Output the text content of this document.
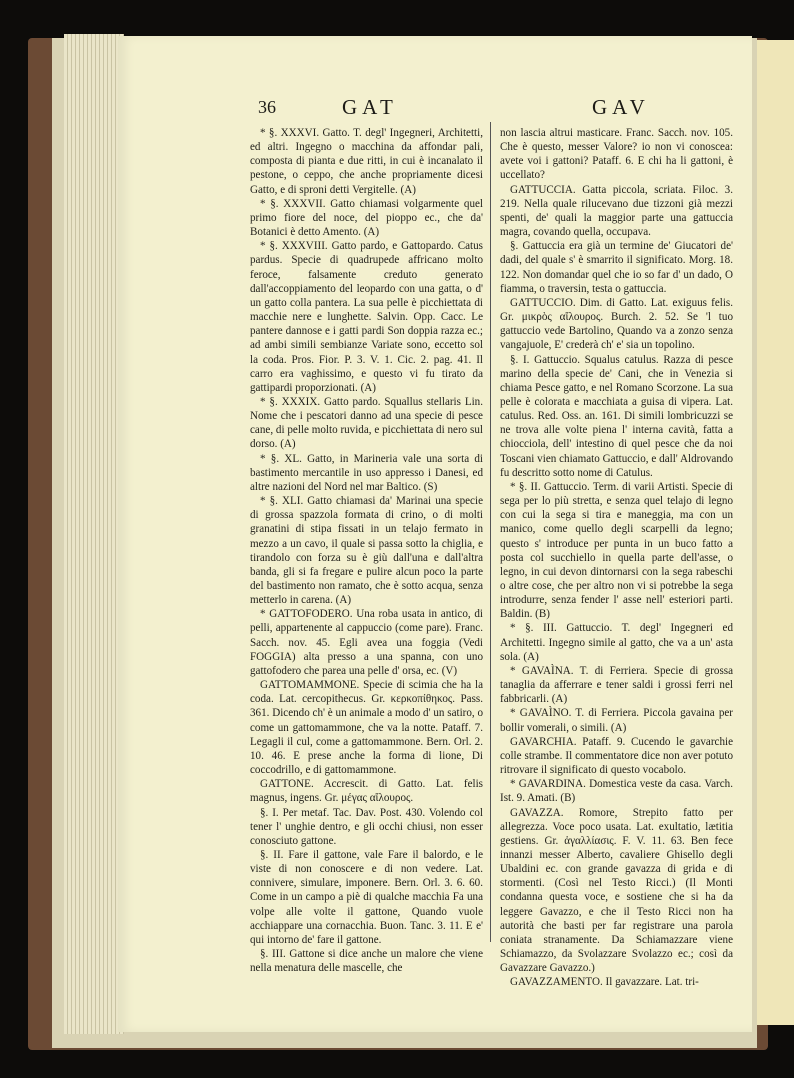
36	GAT	GAV

* §. XXXVI. Gatto. T. degl' Ingegneri, Architetti, ed altri. Ingegno o macchina da affondar pali, composta di pianta e due ritti, in cui è incanalato il pestone, o ceppo, che anche propriamente dicesi Gatto, e di sproni detti Vergitelle. (A)

* §. XXXVII. Gatto chiamasi volgarmente quel primo fiore del noce, del pioppo ec., che da' Botanici è detto Amento. (A)

* §. XXXVIII. Gatto pardo, e Gattopardo. Catus pardus. Specie di quadrupede affricano molto feroce, falsamente creduto generato dall'accoppiamento del leopardo con una gatta, o d' un gatto colla pantera. La sua pelle è picchiettata di macchie nere e lunghette. Salvin. Opp. Cacc. Le pantere dannose e i gatti pardi Son doppia razza ec.; ad ambi simili sembianze Variate sono, eccetto sol la coda. Pros. Fior. P. 3. V. 1. Cic. 2. pag. 41. Il carro era vaghissimo, e questo vi fu tirato da gattipardi proporzionati. (A)

* §. XXXIX. Gatto pardo. Squallus stellaris Lin. Nome che i pescatori danno ad una specie di pesce cane, di pelle molto ruvida, e picchiettata di nero sul dorso. (A)

* §. XL. Gatto, in Marineria vale una sorta di bastimento mercantile in uso appresso i Danesi, ed altre nazioni del Nord nel mar Baltico. (S)

* §. XLI. Gatto chiamasi da' Marinai una specie di grossa spazzola formata di crino, o di molti granatini di stipa fissati in un telajo fermato in mezzo a un cavo, il quale si passa sotto la chiglia, e tirandolo con forza su è giù dall'una e dall'altra banda, gli si fa fregare e pulire alcun poco la parte del bastimento non ramato, che è sotto acqua, senza metterlo in carena. (A)

* GATTOFODERO. Una roba usata in antico, di pelli, appartenente al cappuccio (come pare). Franc. Sacch. nov. 45. Egli avea una foggia (Vedi FOGGIA) alta presso a una spanna, con uno gattofodero che parea una pelle d' orsa, ec. (V)

GATTOMAMMONE. Specie di scimia che ha la coda. Lat. cercopithecus. Gr. κερκοπίθηκος. Pass. 361. Dicendo ch' è un animale a modo d' un satiro, o come un gattomammone, che va la notte. Pataff. 7. Legagli il cul, come a gattomammone. Bern. Orl. 2. 10. 46. E prese anche la forma di lione, Di coccodrillo, e di gattomammone.

GATTONE. Accrescit. di Gatto. Lat. felis magnus, ingens. Gr. μέγας αἴλουρος.

§. I. Per metaf. Tac. Dav. Post. 430. Volendo col tener l' unghie dentro, e gli occhi chiusi, non esser conosciuto gattone.

§. II. Fare il gattone, vale Fare il balordo, e le viste di non conoscere e di non vedere. Lat. connivere, simulare, imponere. Bern. Orl. 3. 6. 60. Come in un campo a piè di qualche macchia Fa una volpe alle volte il gattone, Quando vuole acchiappare una cornacchia. Buon. Tanc. 3. 11. E e' qui intorno de' fare il gattone.

§. III. Gattone si dice anche un malore che viene nella menatura delle mascelle, che

non lascia altrui masticare. Franc. Sacch. nov. 105. Che è questo, messer Valore? io non vi conoscea: avete voi i gattoni? Pataff. 6. E chi ha li gattoni, è uccellato?

GATTUCCIA. Gatta piccola, scriata. Filoc. 3. 219. Nella quale rilucevano due tizzoni già mezzi spenti, de' quali la maggior parte una gattuccia magra, covando quella, occupava.

§. Gattuccia era già un termine de' Giucatori de' dadi, del quale s' è smarrito il significato. Morg. 18. 122. Non domandar quel che io so far d' un dado, O fiamma, o traversin, testa o gattuccia.

GATTUCCIO. Dim. di Gatto. Lat. exiguus felis. Gr. μικρὸς αἴλουρος. Burch. 2. 52. Se 'l tuo gattuccio vede Bartolino, Quando va a zonzo senza vangajuole, E' crederà ch' e' sia un topolino.

§. I. Gattuccio. Squalus catulus. Razza di pesce marino della specie de' Cani, che in Venezia si chiama Pesce gatto, e nel Romano Scorzone. La sua pelle è colorata e macchiata a guisa di vipera. Lat. catulus. Red. Oss. an. 161. Di simili lombricuzzi se ne trova alle volte piena l' interna cavità, fatta a chiocciola, dell' intestino di quel pesce che da noi Toscani vien chiamato Gattuccio, e dall' Aldrovando fu descritto sotto nome di Catulus.

* §. II. Gattuccio. Term. di varii Artisti. Specie di sega per lo più stretta, e senza quel telajo di legno con cui la sega si tira e maneggia, ma con un manico, come quello degli scarpelli da legno; questo s' introduce per punta in un buco fatto a posta col succhiello in quella parte dell'asse, o legno, in cui devon dintornarsi con la sega rabeschi o altre cose, che per altro non vi si potrebbe la sega introdurre, senza fender l' asse nell' esteriori parti. Baldin. (B)

* §. III. Gattuccio. T. degl' Ingegneri ed Architetti. Ingegno simile al gatto, che va a un' asta sola. (A)

* GAVAÌNA. T. di Ferriera. Specie di grossa tanaglia da afferrare e tener saldi i grossi ferri nel fabbricarli. (A)

* GAVAÌNO. T. di Ferriera. Piccola gavaina per bollir vomerali, o simili. (A)

GAVARCHIA. Pataff. 9. Cucendo le gavarchie colle strambe. Il commentatore dice non aver potuto ritrovare il significato di questo vocabolo.

* GAVARDINA. Domestica veste da casa. Varch. Ist. 9. Amati. (B)

GAVAZZA. Romore, Strepito fatto per allegrezza. Voce poco usata. Lat. exultatio, lætitia gestiens. Gr. ἀγαλλίασις. F. V. 11. 63. Ben fece innanzi messer Alberto, cavaliere Ghisello degli Ubaldini ec. con grande gavazza di grida e di stormenti. (Così nel Testo Ricci.) (Il Monti condanna questa voce, e sostiene che si ha da leggere Gavazzo, e che il Testo Ricci non ha autorità che basti per far registrare una parola coniata stranamente. Da Schiamazzare viene Schiamazzo, da Svolazzare Svolazzo ec.; così da Gavazzare Gavazzo.)

GAVAZZAMENTO. Il gavazzare. Lat. tri-
